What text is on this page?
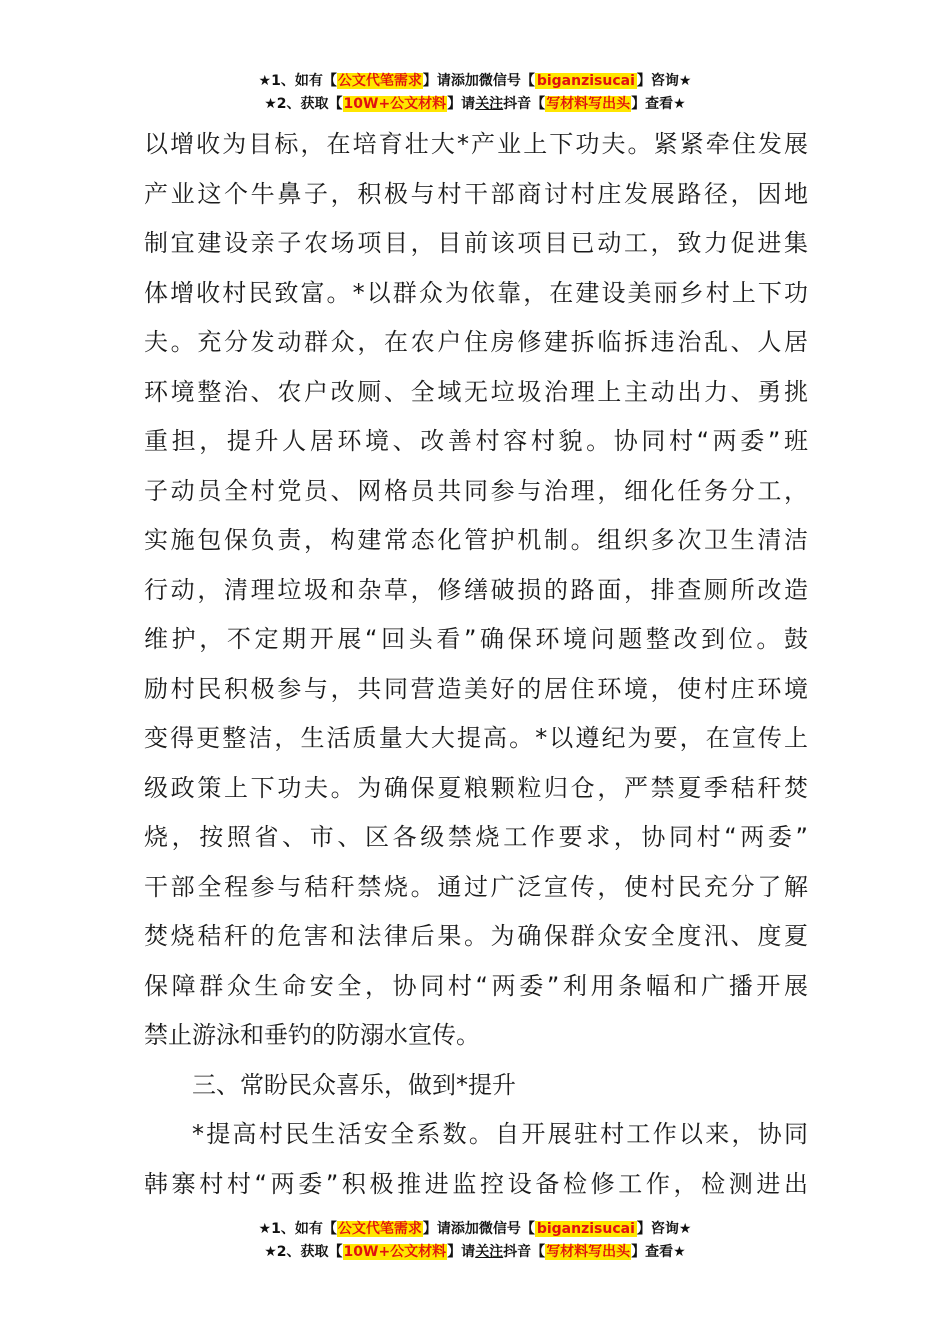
★1、如有【公文代笔需求】请添加微信号【 biganzisucai 】咨询★
★2、获取【10W+公文材料】请关注抖音【写材料写出头】查看★

以增收为目标，在培育壮大*产业上下功夫。紧紧牵住发展

产业这个牛鼻子，积极与村干部商讨村庄发展路径，因地

制宜建设亲子农场项目，目前该项目已动工，致力促进集

体增收村民致富。*以群众为依靠，在建设美丽乡村上下功

夫。充分发动群众，在农户住房修建拆临拆违治乱、人居

环境整治、农户改厕、全域无垃圾治理上主动出力、勇挑

重担，提升人居环境、改善村容村貌。协同村“两委”班

子动员全村党员、网格员共同参与治理，细化任务分工，

实施包保负责，构建常态化管护机制。组织多次卫生清洁

行动，清理垃圾和杂草，修缮破损的路面，排查厕所改造

维护，不定期开展“回头看”确保环境问题整改到位。鼓

励村民积极参与，共同营造美好的居住环境，使村庄环境

变得更整洁，生活质量大大提高。*以遵纪为要，在宣传上

级政策上下功夫。为确保夏粮颗粒归仓，严禁夏季秸秆焚

烧，按照省、市、区各级禁烧工作要求，协同村“两委”

干部全程参与秸秆禁烧。通过广泛宣传，使村民充分了解

焚烧秸秆的危害和法律后果。为确保群众安全度汛、度夏

保障群众生命安全，协同村“两委”利用条幅和广播开展

禁止游泳和垂钓的防溺水宣传。

三、常盼民众喜乐，做到*提升

*提高村民生活安全系数。自开展驻村工作以来，协同

韩寨村村“两委”积极推进监控设备检修工作，检测进出

★1、如有【公文代笔需求】请添加微信号【 biganzisucai 】咨询★
★2、获取【10W+公文材料】请关注抖音【写材料写出头】查看★
